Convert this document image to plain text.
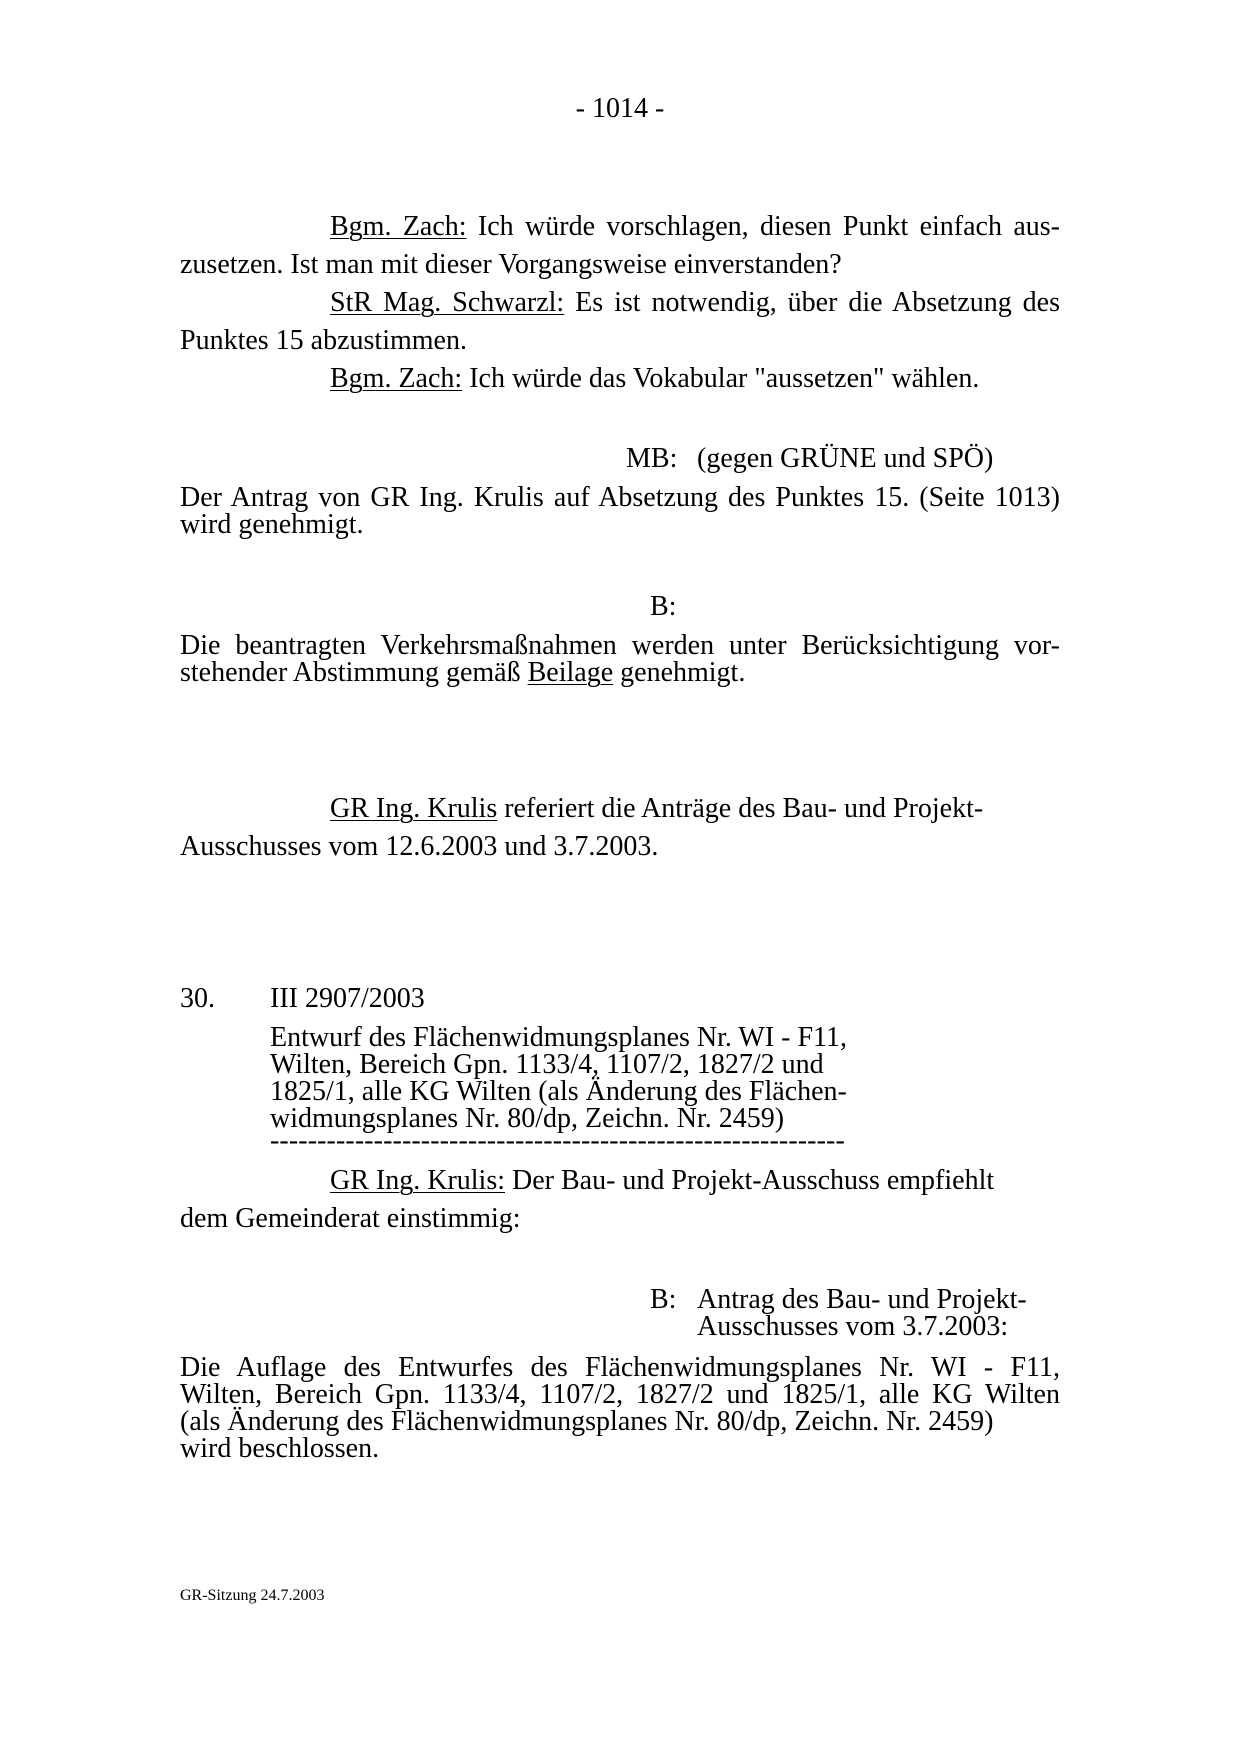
- 1014 -
Bgm. Zach: Ich würde vorschlagen, diesen Punkt einfach aus-
zusetzen. Ist man mit dieser Vorgangsweise einverstanden?
StR Mag. Schwarzl: Es ist notwendig, über die Absetzung des
Punktes 15 abzustimmen.
Bgm. Zach: Ich würde das Vokabular "aussetzen" wählen.
MB: (gegen GRÜNE und SPÖ)
Der Antrag von GR Ing. Krulis auf Absetzung des Punktes 15. (Seite 1013)
wird genehmigt.
B:
Die beantragten Verkehrsmaßnahmen werden unter Berücksichtigung vor-
stehender Abstimmung gemäß Beilage genehmigt.
GR Ing. Krulis referiert die Anträge des Bau- und Projekt-
Ausschusses vom 12.6.2003 und 3.7.2003.
30. III 2907/2003
Entwurf des Flächenwidmungsplanes Nr. WI - F11,
Wilten, Bereich Gpn. 1133/4, 1107/2, 1827/2 und
1825/1, alle KG Wilten (als Änderung des Flächen-
widmungsplanes Nr. 80/dp, Zeichn. Nr. 2459)
-------------------------------------------------------------
GR Ing. Krulis: Der Bau- und Projekt-Ausschuss empfiehlt
dem Gemeinderat einstimmig:
B: Antrag des Bau- und Projekt-
Ausschusses vom 3.7.2003:
Die Auflage des Entwurfes des Flächenwidmungsplanes Nr. WI - F11,
Wilten, Bereich Gpn. 1133/4, 1107/2, 1827/2 und 1825/1, alle KG Wilten
(als Änderung des Flächenwidmungsplanes Nr. 80/dp, Zeichn. Nr. 2459)
wird beschlossen.
GR-Sitzung 24.7.2003
